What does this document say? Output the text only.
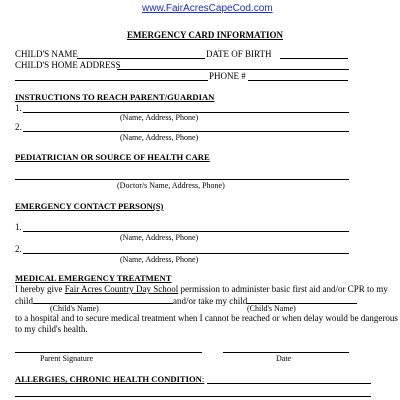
www.FairAcresCapeCod.com
EMERGENCY CARD INFORMATION
CHILD'S NAME	DATE OF BIRTH
CHILD'S HOME ADDRESS
PHONE #
INSTRUCTIONS TO REACH PARENT/GUARDIAN
1.
(Name, Address, Phone)
2.
(Name, Address, Phone)
PEDIATRICIAN OR SOURCE OF HEALTH CARE
(Doctor/s Name, Address, Phone)
EMERGENCY CONTACT PERSON(S)
1.
(Name, Address, Phone)
2.
(Name, Address, Phone)
MEDICAL EMERGENCY TREATMENT
I hereby give Fair Acres Country Day School permission to administer basic first aid and/or CPR to my
child	and/or take my child
(Child's Name)	(Child's Name)
to a hospital and to secure medical treatment when I cannot be reached or when delay would be dangerous
to my child's health.
Parent Signature	Date
ALLERGIES, CHRONIC HEALTH CONDITION:
